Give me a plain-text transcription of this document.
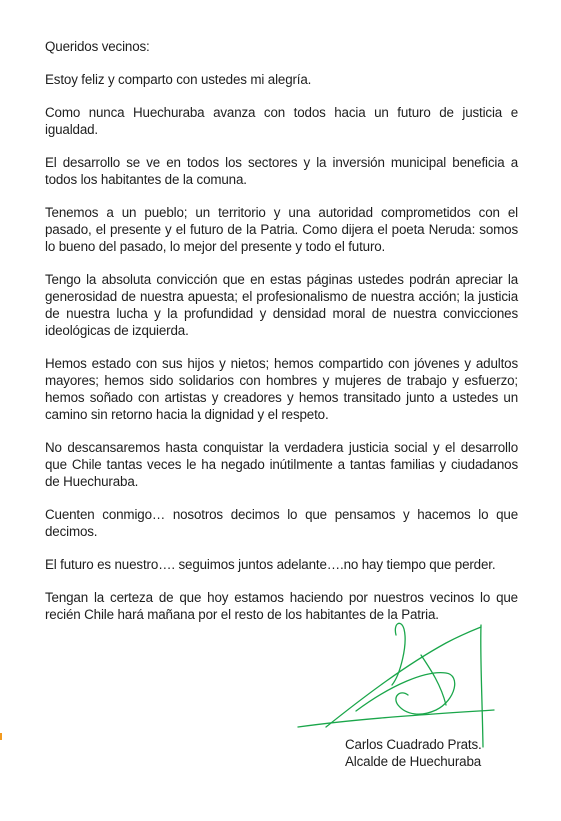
Queridos vecinos:

Estoy feliz y comparto con ustedes mi alegría.

Como nunca Huechuraba avanza con todos hacia un futuro de justicia e igualdad.

El desarrollo se ve en todos los sectores y la inversión municipal beneficia a todos los habitantes de la comuna.

Tenemos a un pueblo; un territorio y una autoridad comprometidos con el pasado, el presente y el futuro de la Patria. Como dijera el poeta Neruda: somos lo bueno del pasado, lo mejor del presente y todo el futuro.

Tengo la absoluta convicción que en estas páginas ustedes podrán apreciar la generosidad de nuestra apuesta; el profesionalismo de nuestra acción; la justicia de nuestra lucha y la profundidad y densidad moral de nuestra convicciones ideológicas de izquierda.

Hemos estado con sus hijos y nietos; hemos compartido con jóvenes y adultos mayores; hemos sido solidarios con hombres y mujeres de trabajo y esfuerzo; hemos soñado con artistas y creadores y hemos transitado junto a ustedes un camino sin retorno hacia la dignidad y el respeto.

No descansaremos hasta conquistar la verdadera justicia social y el desarrollo que Chile tantas veces le ha negado inútilmente a tantas familias y ciudadanos de Huechuraba.

Cuenten conmigo… nosotros decimos lo que pensamos y hacemos lo que decimos.

El futuro es nuestro…. seguimos juntos adelante….no hay tiempo que perder.

Tengan la certeza de que hoy estamos haciendo por nuestros vecinos lo que recién Chile hará mañana por el resto de los habitantes de la Patria.

Carlos Cuadrado Prats.
Alcalde de Huechuraba
